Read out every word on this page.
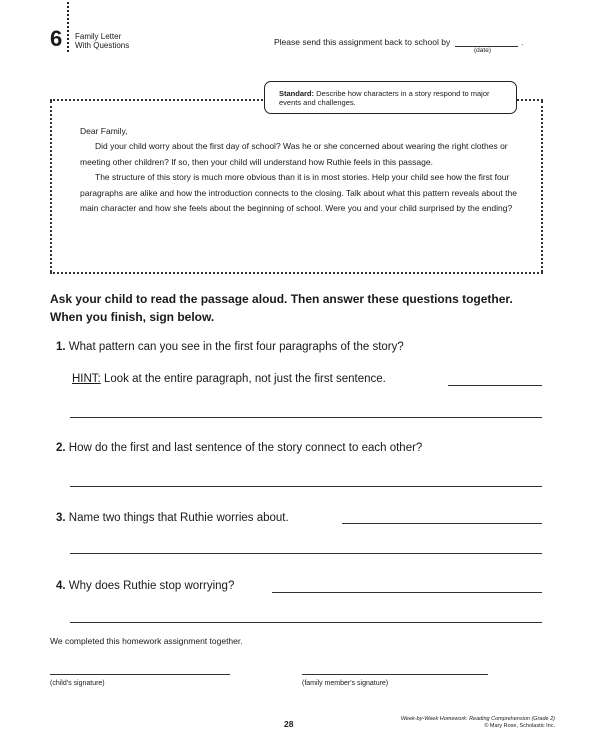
6 Family Letter
With Questions	Please send this assignment back to school by	.
(date)
Standard: Describe how characters in a story respond to major events and challenges.

Dear Family,

Did your child worry about the first day of school? Was he or she concerned about wearing the right clothes or meeting other children? If so, then your child will understand how Ruthie feels in this passage.

The structure of this story is much more obvious than it is in most stories. Help your child see how the first four paragraphs are alike and how the introduction connects to the closing. Talk about what this pattern reveals about the main character and how she feels about the beginning of school. Were you and your child surprised by the ending?

Ask your child to read the passage aloud. Then answer these questions together. When you finish, sign below.
1. What pattern can you see in the first four paragraphs of the story?
HINT: Look at the entire paragraph, not just the first sentence.
2. How do the first and last sentence of the story connect to each other?
3. Name two things that Ruthie worries about.
4. Why does Ruthie stop worrying?
We completed this homework assignment together.
(child's signature)	(family member's signature)
28	Week-by-Week Homework: Reading Comprehension (Grade 2)
© Mary Rose, Scholastic Inc.
